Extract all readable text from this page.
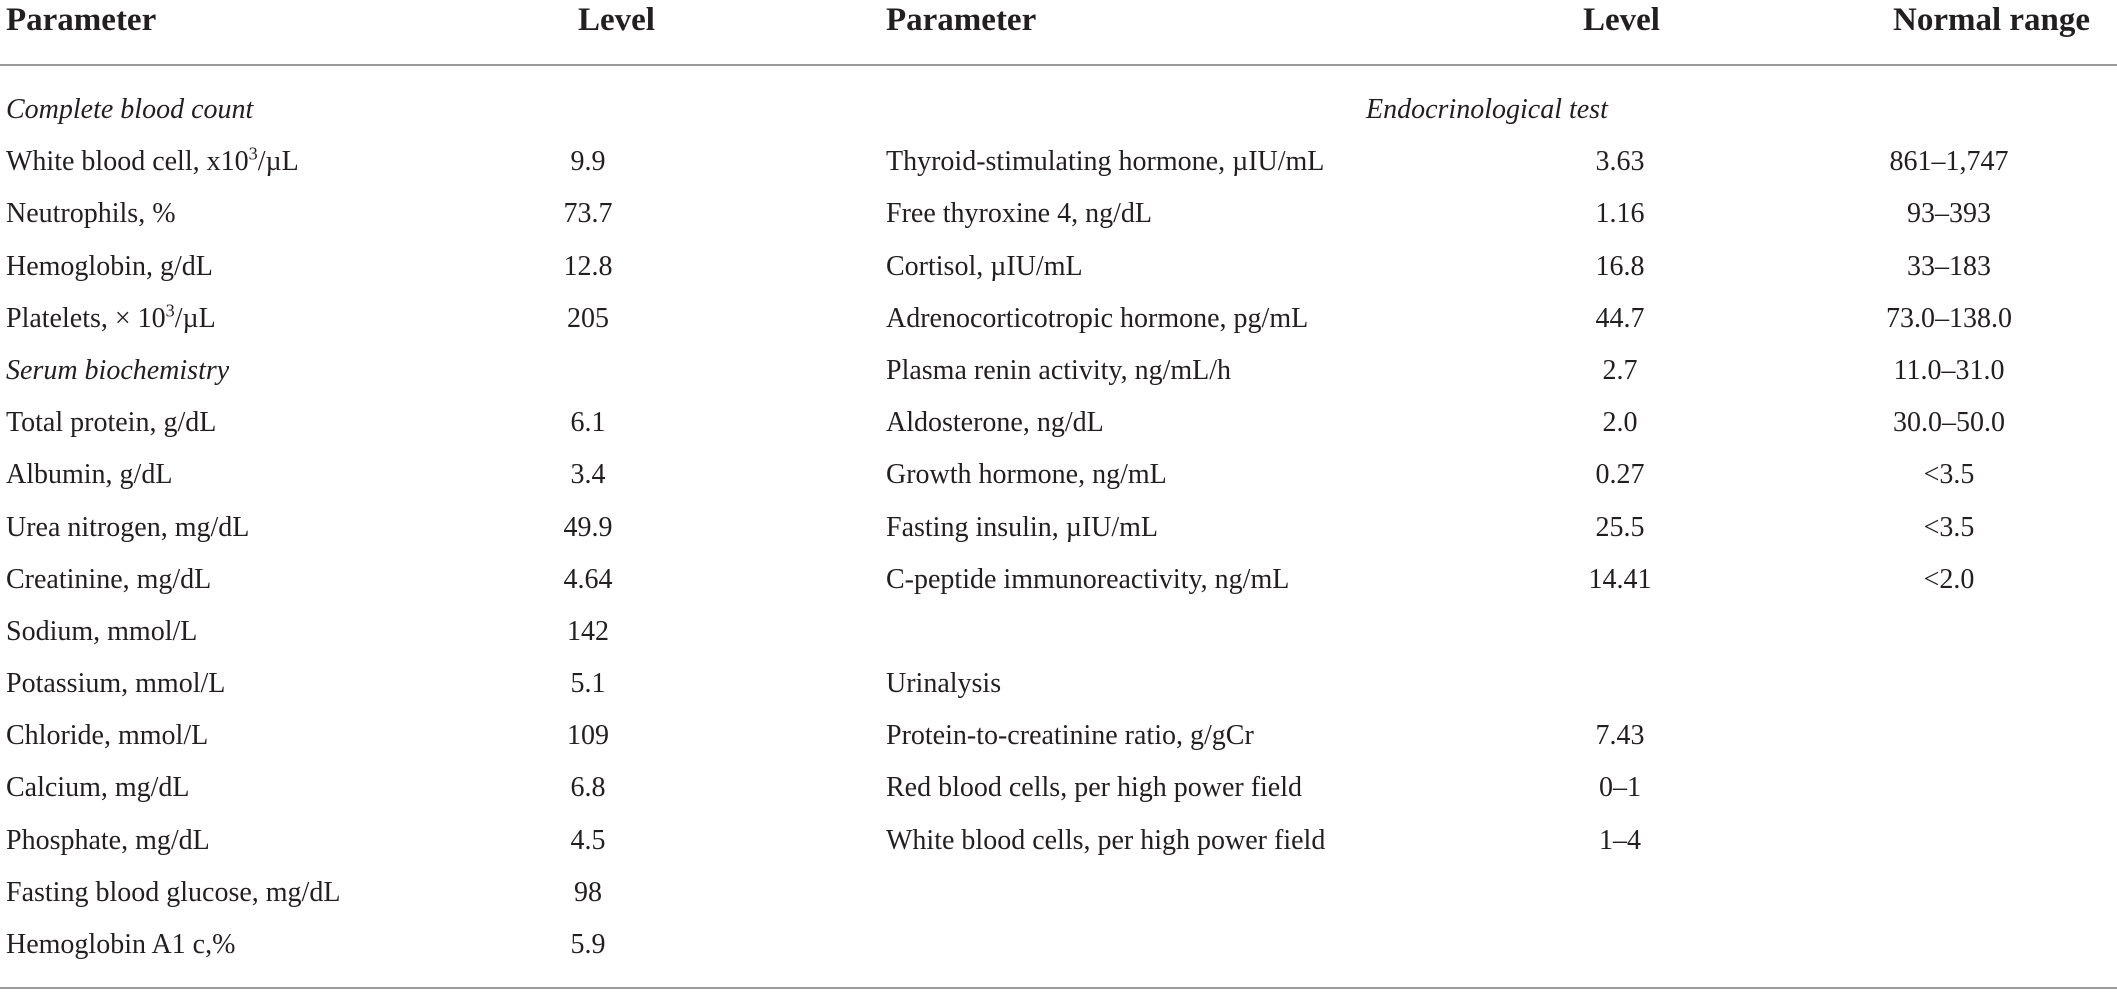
Parameter	Level	Parameter	Level	Normal range
Complete blood count
White blood cell, $x10^3/\mu L$	9.9
Neutrophils, %	73.7
Hemoglobin, g/dL	12.8
Platelets, × $10^3/\mu L$	205
Serum biochemistry
Total protein, g/dL	6.1
Albumin, g/dL	3.4
Urea nitrogen, mg/dL	49.9
Creatinine, mg/dL	4.64
Sodium, mmol/L	142
Potassium, mmol/L	5.1
Chloride, mmol/L	109
Calcium, mg/dL	6.8
Phosphate, mg/dL	4.5
Fasting blood glucose, mg/dL	98
Hemoglobin A1 c,%	5.9
Endocrinological test
Thyroid-stimulating hormone, µIU/mL	3.63	861–1,747
Free thyroxine 4, ng/dL	1.16	93–393
Cortisol, µIU/mL	16.8	33–183
Adrenocorticotropic hormone, pg/mL	44.7	73.0–138.0
Plasma renin activity, ng/mL/h	2.7	11.0–31.0
Aldosterone, ng/dL	2.0	30.0–50.0
Growth hormone, ng/mL	0.27	<3.5
Fasting insulin, µIU/mL	25.5	<3.5
C-peptide immunoreactivity, ng/mL	14.41	<2.0
Urinalysis
Protein-to-creatinine ratio, g/gCr	7.43
Red blood cells, per high power field	0–1
White blood cells, per high power field	1–4
